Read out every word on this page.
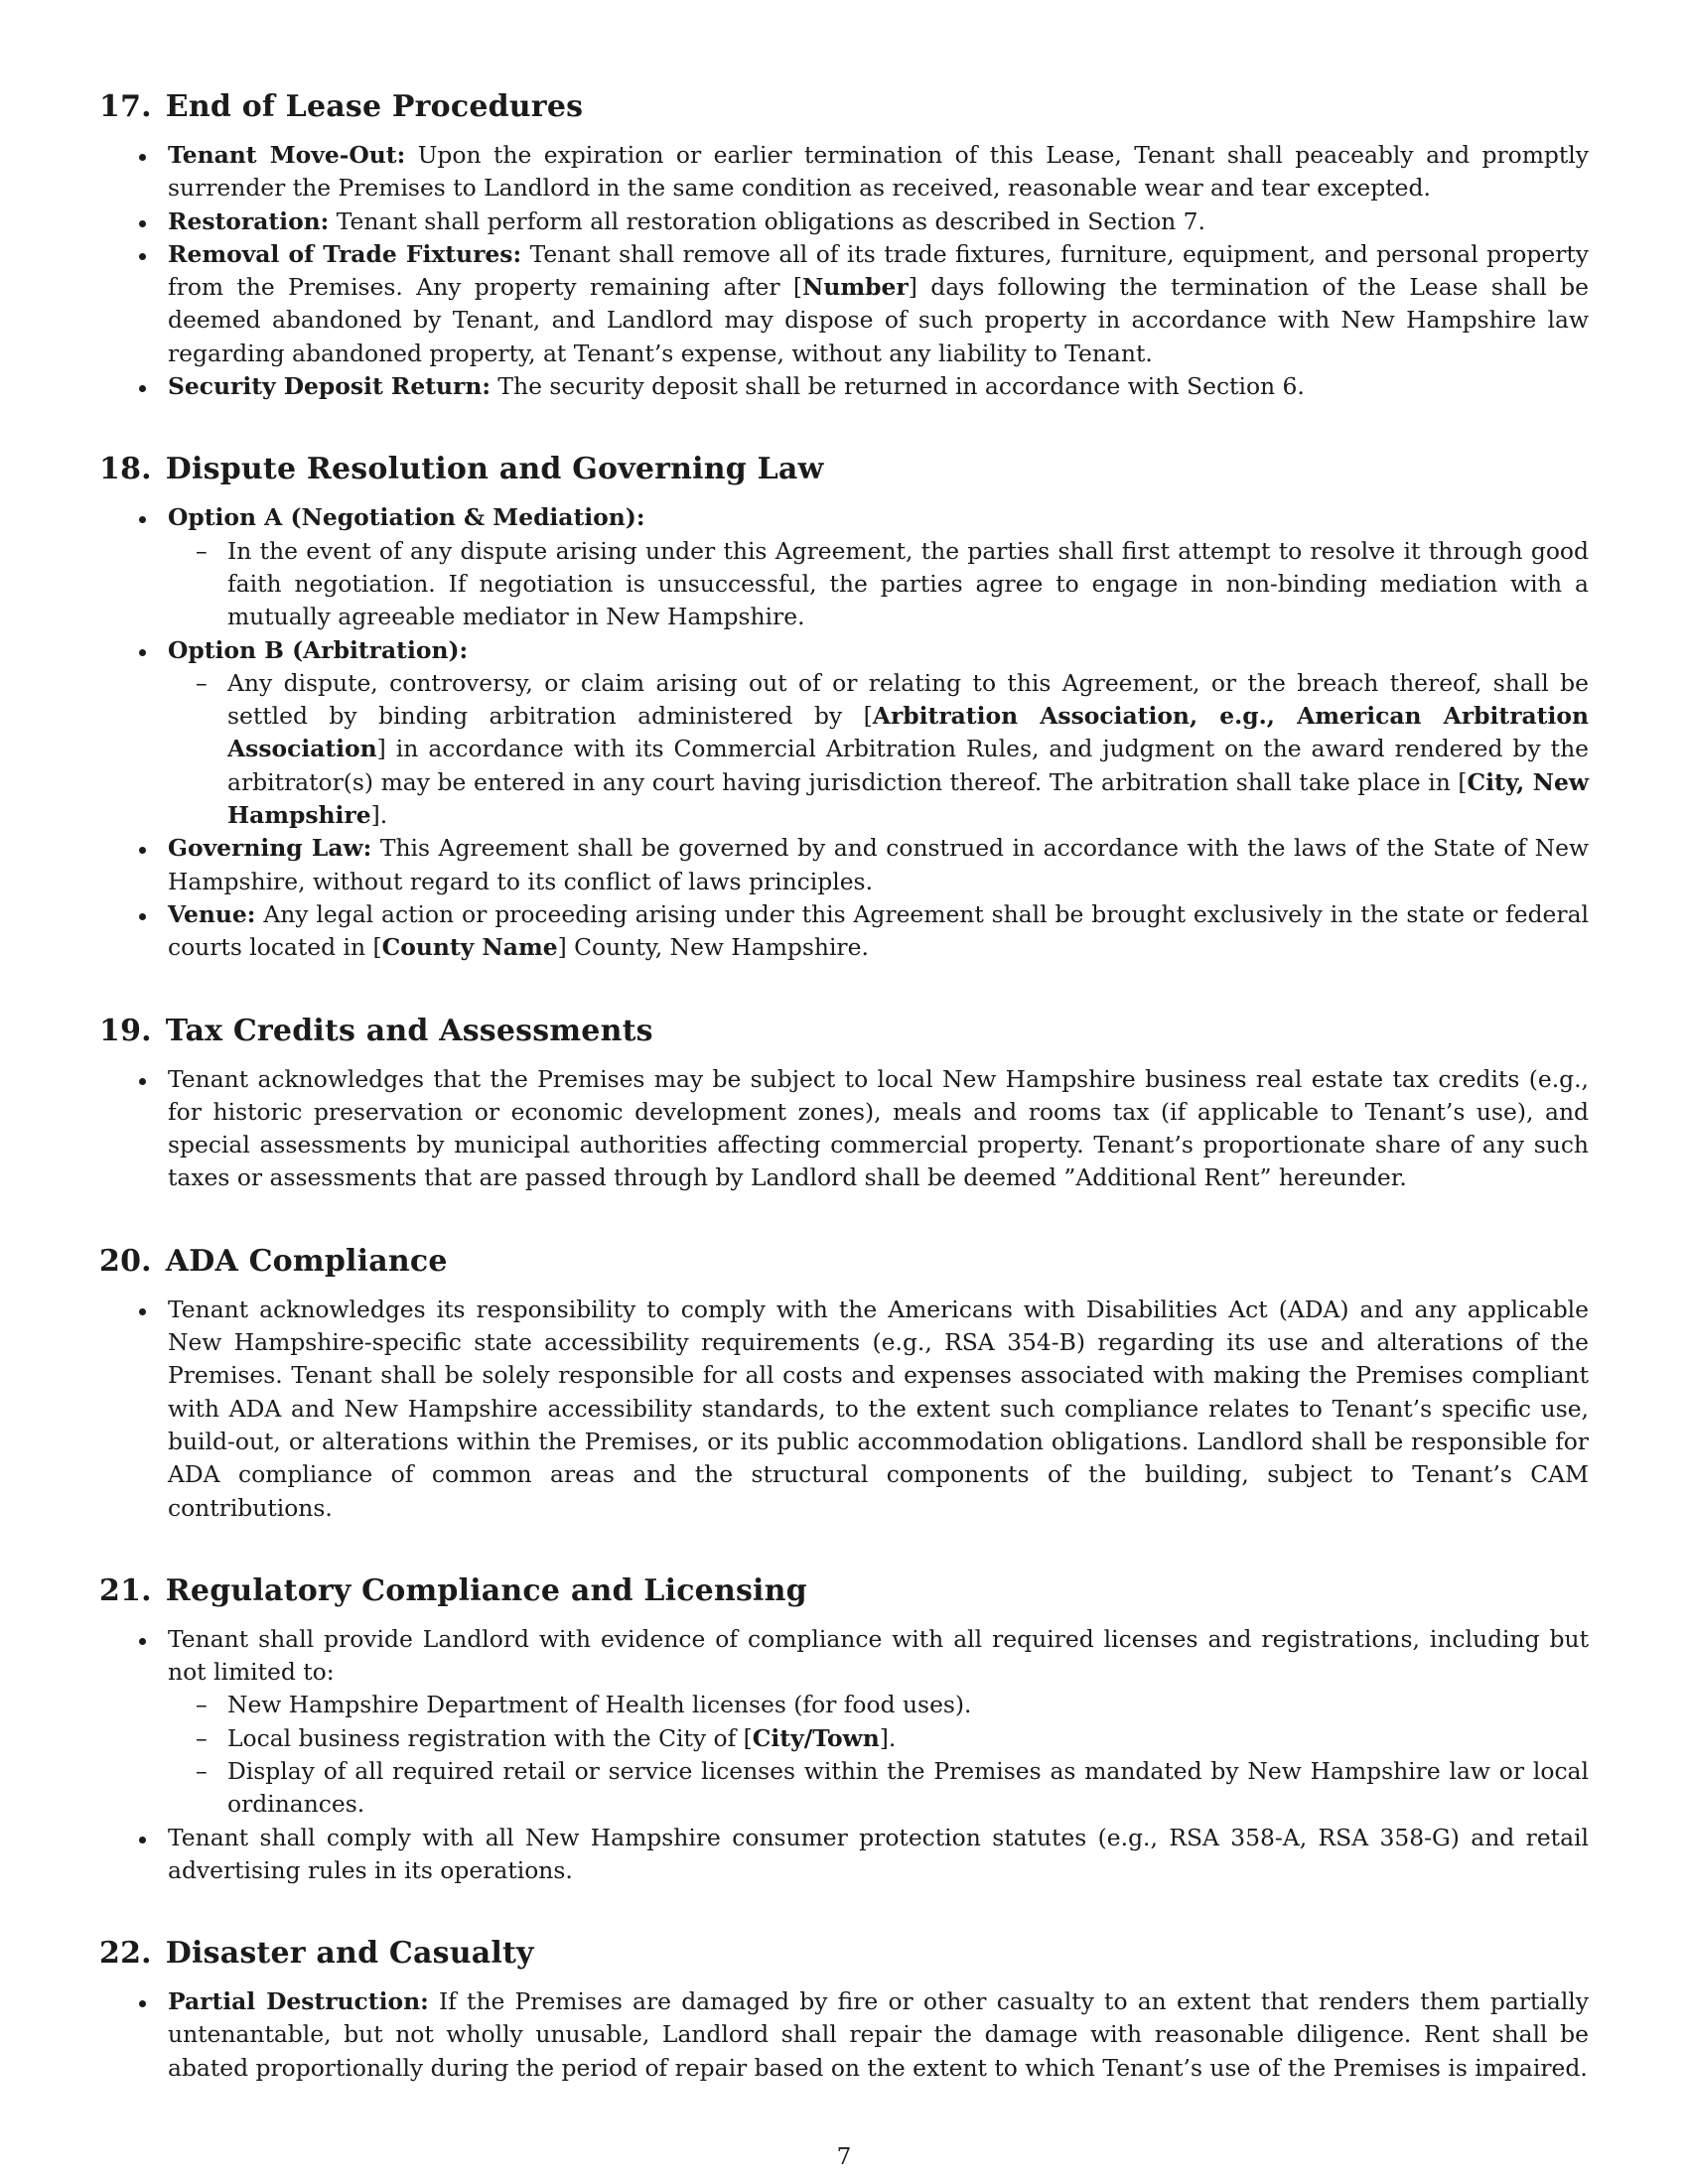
17. End of Lease Procedures
Tenant Move-Out: Upon the expiration or earlier termination of this Lease, Tenant shall peaceably and promptly surrender the Premises to Landlord in the same condition as received, reasonable wear and tear excepted.
Restoration: Tenant shall perform all restoration obligations as described in Section 7.
Removal of Trade Fixtures: Tenant shall remove all of its trade fixtures, furniture, equipment, and personal property from the Premises. Any property remaining after [Number] days following the termination of the Lease shall be deemed abandoned by Tenant, and Landlord may dispose of such property in accordance with New Hampshire law regarding abandoned property, at Tenant’s expense, without any liability to Tenant.
Security Deposit Return: The security deposit shall be returned in accordance with Section 6.
18. Dispute Resolution and Governing Law
Option A (Negotiation & Mediation):
– In the event of any dispute arising under this Agreement, the parties shall first attempt to resolve it through good faith negotiation. If negotiation is unsuccessful, the parties agree to engage in non-binding mediation with a mutually agreeable mediator in New Hampshire.
Option B (Arbitration):
– Any dispute, controversy, or claim arising out of or relating to this Agreement, or the breach thereof, shall be settled by binding arbitration administered by [Arbitration Association, e.g., American Arbitration Association] in accordance with its Commercial Arbitration Rules, and judgment on the award rendered by the arbitrator(s) may be entered in any court having jurisdiction thereof. The arbitration shall take place in [City, New Hampshire].
Governing Law: This Agreement shall be governed by and construed in accordance with the laws of the State of New Hampshire, without regard to its conflict of laws principles.
Venue: Any legal action or proceeding arising under this Agreement shall be brought exclusively in the state or federal courts located in [County Name] County, New Hampshire.
19. Tax Credits and Assessments
Tenant acknowledges that the Premises may be subject to local New Hampshire business real estate tax credits (e.g., for historic preservation or economic development zones), meals and rooms tax (if applicable to Tenant’s use), and special assessments by municipal authorities affecting commercial property. Tenant’s proportionate share of any such taxes or assessments that are passed through by Landlord shall be deemed ”Additional Rent” hereunder.
20. ADA Compliance
Tenant acknowledges its responsibility to comply with the Americans with Disabilities Act (ADA) and any applicable New Hampshire-specific state accessibility requirements (e.g., RSA 354-B) regarding its use and alterations of the Premises. Tenant shall be solely responsible for all costs and expenses associated with making the Premises compliant with ADA and New Hampshire accessibility standards, to the extent such compliance relates to Tenant’s specific use, build-out, or alterations within the Premises, or its public accommodation obligations. Landlord shall be responsible for ADA compliance of common areas and the structural components of the building, subject to Tenant’s CAM contributions.
21. Regulatory Compliance and Licensing
Tenant shall provide Landlord with evidence of compliance with all required licenses and registrations, including but not limited to:
– New Hampshire Department of Health licenses (for food uses).
– Local business registration with the City of [City/Town].
– Display of all required retail or service licenses within the Premises as mandated by New Hampshire law or local ordinances.
Tenant shall comply with all New Hampshire consumer protection statutes (e.g., RSA 358-A, RSA 358-G) and retail advertising rules in its operations.
22. Disaster and Casualty
Partial Destruction: If the Premises are damaged by fire or other casualty to an extent that renders them partially untenantable, but not wholly unusable, Landlord shall repair the damage with reasonable diligence. Rent shall be abated proportionally during the period of repair based on the extent to which Tenant’s use of the Premises is impaired.
7
